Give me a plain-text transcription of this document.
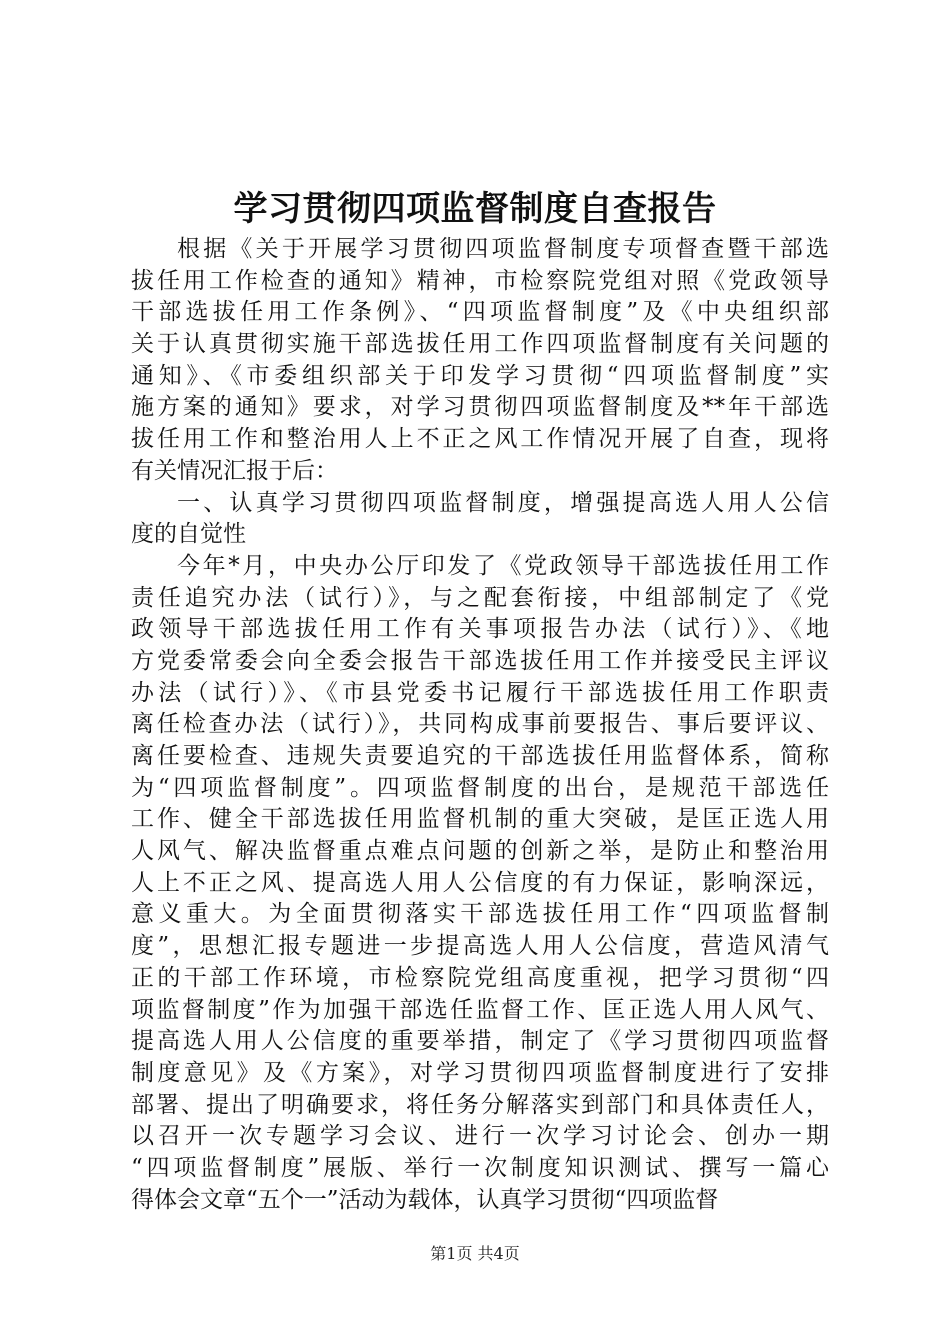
学习贯彻四项监督制度自查报告
根据《关于开展学习贯彻四项监督制度专项督查暨干部选
拔任用工作检查的通知》精神，市检察院党组对照《党政领导
干部选拔任用工作条例》、“四项监督制度”及《中央组织部
关于认真贯彻实施干部选拔任用工作四项监督制度有关问题的
通知》、《市委组织部关于印发学习贯彻“四项监督制度”实
施方案的通知》要求，对学习贯彻四项监督制度及**年干部选
拔任用工作和整治用人上不正之风工作情况开展了自查，现将
有关情况汇报于后：
一、认真学习贯彻四项监督制度，增强提高选人用人公信
度的自觉性
今年*月，中央办公厅印发了《党政领导干部选拔任用工作
责任追究办法（试行）》，与之配套衔接，中组部制定了《党
政领导干部选拔任用工作有关事项报告办法（试行）》、《地
方党委常委会向全委会报告干部选拔任用工作并接受民主评议
办法（试行）》、《市县党委书记履行干部选拔任用工作职责
离任检查办法（试行）》，共同构成事前要报告、事后要评议、
离任要检查、违规失责要追究的干部选拔任用监督体系，简称
为“四项监督制度”。四项监督制度的出台，是规范干部选任
工作、健全干部选拔任用监督机制的重大突破，是匡正选人用
人风气、解决监督重点难点问题的创新之举，是防止和整治用
人上不正之风、提高选人用人公信度的有力保证，影响深远，
意义重大。为全面贯彻落实干部选拔任用工作“四项监督制
度”，思想汇报专题进一步提高选人用人公信度，营造风清气
正的干部工作环境，市检察院党组高度重视，把学习贯彻“四
项监督制度”作为加强干部选任监督工作、匡正选人用人风气、
提高选人用人公信度的重要举措，制定了《学习贯彻四项监督
制度意见》及《方案》，对学习贯彻四项监督制度进行了安排
部署、提出了明确要求，将任务分解落实到部门和具体责任人，
以召开一次专题学习会议、进行一次学习讨论会、创办一期
“四项监督制度”展版、举行一次制度知识测试、撰写一篇心
得体会文章“五个一”活动为载体，认真学习贯彻“四项监督
第1页 共4页
